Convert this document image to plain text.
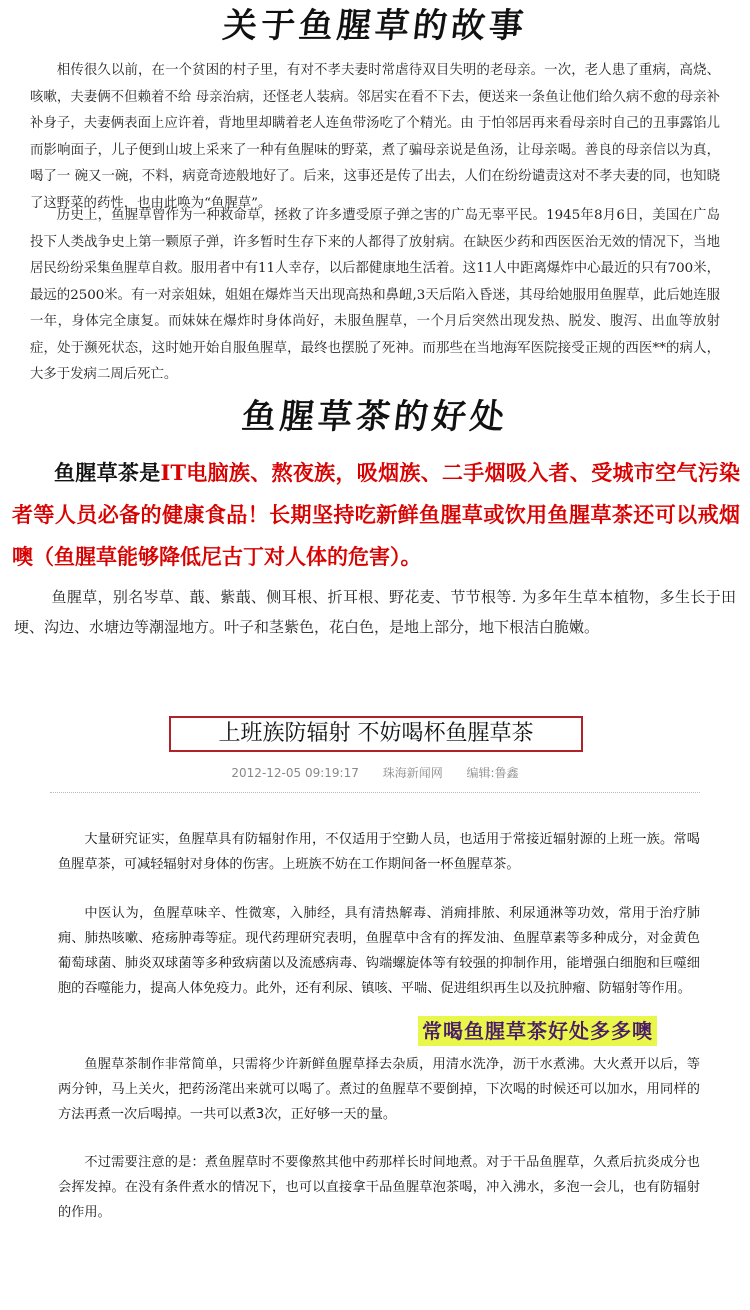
关于鱼腥草的故事

相传很久以前，在一个贫困的村子里，有对不孝夫妻时常虐待双目失明的老母亲。一次，老人患了重病，高烧、咳嗽，夫妻俩不但赖着不给 母亲治病，还怪老人装病。邻居实在看不下去，便送来一条鱼让他们给久病不愈的母亲补补身子，夫妻俩表面上应许着，背地里却瞒着老人连鱼带汤吃了个精光。由 于怕邻居再来看母亲时自己的丑事露馅儿而影响面子，儿子便到山坡上采来了一种有鱼腥味的野菜，煮了骗母亲说是鱼汤，让母亲喝。善良的母亲信以为真，喝了一 碗又一碗，不料，病竟奇迹般地好了。后来，这事还是传了出去，人们在纷纷谴责这对不孝夫妻的同，也知晓了这野菜的药性，也由此唤为“鱼腥草”。

历史上，鱼腥草曾作为一种救命草，拯救了许多遭受原子弹之害的广岛无辜平民。1945年8月6日，美国在广岛投下人类战争史上第一颗原子弹，许多暂时生存下来的人都得了放射病。在缺医少药和西医医治无效的情况下，当地居民纷纷采集鱼腥草自救。服用者中有11人幸存，以后都健康地生活着。这11人中距离爆炸中心最近的只有700米，最远的2500米。有一对亲姐妹，姐姐在爆炸当天出现高热和鼻衄,3天后陷入昏迷，其母给她服用鱼腥草，此后她连服一年，身体完全康复。而妹妹在爆炸时身体尚好，未服鱼腥草，一个月后突然出现发热、脱发、腹泻、出血等放射症，处于濒死状态，这时她开始自服鱼腥草，最终也摆脱了死神。而那些在当地海军医院接受正规的西医**的病人，大多于发病二周后死亡。

鱼腥草茶的好处

鱼腥草茶是IT电脑族、熬夜族，吸烟族、二手烟吸入者、受城市空气污染者等人员必备的健康食品！长期坚持吃新鲜鱼腥草或饮用鱼腥草茶还可以戒烟噢（鱼腥草能够降低尼古丁对人体的危害）。

鱼腥草，别名岑草、蕺、紫蕺、侧耳根、折耳根、野花麦、节节根等. 为多年生草本植物，多生长于田埂、沟边、水塘边等潮湿地方。叶子和茎紫色，花白色，是地上部分，地下根洁白脆嫩。

上班族防辐射 不妨喝杯鱼腥草茶
2012-12-05 09:19:17 珠海新闻网 编辑:鲁鑫

大量研究证实，鱼腥草具有防辐射作用，不仅适用于空勤人员，也适用于常接近辐射源的上班一族。常喝鱼腥草茶，可减轻辐射对身体的伤害。上班族不妨在工作期间备一杯鱼腥草茶。

中医认为，鱼腥草味辛、性微寒，入肺经，具有清热解毒、消痈排脓、利尿通淋等功效，常用于治疗肺痈、肺热咳嗽、疮疡肿毒等症。现代药理研究表明，鱼腥草中含有的挥发油、鱼腥草素等多种成分，对金黄色葡萄球菌、肺炎双球菌等多种致病菌以及流感病毒、钩端螺旋体等有较强的抑制作用，能增强白细胞和巨噬细胞的吞噬能力，提高人体免疫力。此外，还有利尿、镇咳、平喘、促进组织再生以及抗肿瘤、防辐射等作用。

鱼腥草茶制作非常简单，只需将少许新鲜鱼腥草择去杂质，用清水洗净，沥干水煮沸。大火煮开以后，等两分钟，马上关火，把药汤滗出来就可以喝了。煮过的鱼腥草不要倒掉，下次喝的时候还可以加水，用同样的方法再煮一次后喝掉。一共可以煮3次，正好够一天的量。

不过需要注意的是：煮鱼腥草时不要像熬其他中药那样长时间地煮。对于干品鱼腥草，久煮后抗炎成分也会挥发掉。在没有条件煮水的情况下，也可以直接拿干品鱼腥草泡茶喝，冲入沸水，多泡一会儿，也有防辐射的作用。

常喝鱼腥草茶好处多多噢
